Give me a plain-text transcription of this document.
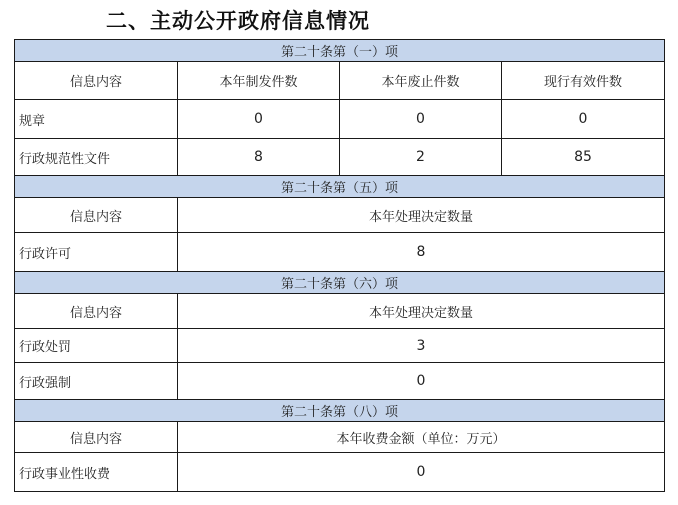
二、主动公开政府信息情况
第二十条第（一）项			
信息内容	本年制发件数	本年废止件数	现行有效件数
规章	0	0	0
行政规范性文件	8	2	85
第二十条第（五）项			
信息内容	本年处理决定数量		
行政许可	8		
第二十条第（六）项			
信息内容	本年处理决定数量		
行政处罚	3		
行政强制	0		
第二十条第（八）项			
信息内容	本年收费金额（单位：万元）		
行政事业性收费	0		
